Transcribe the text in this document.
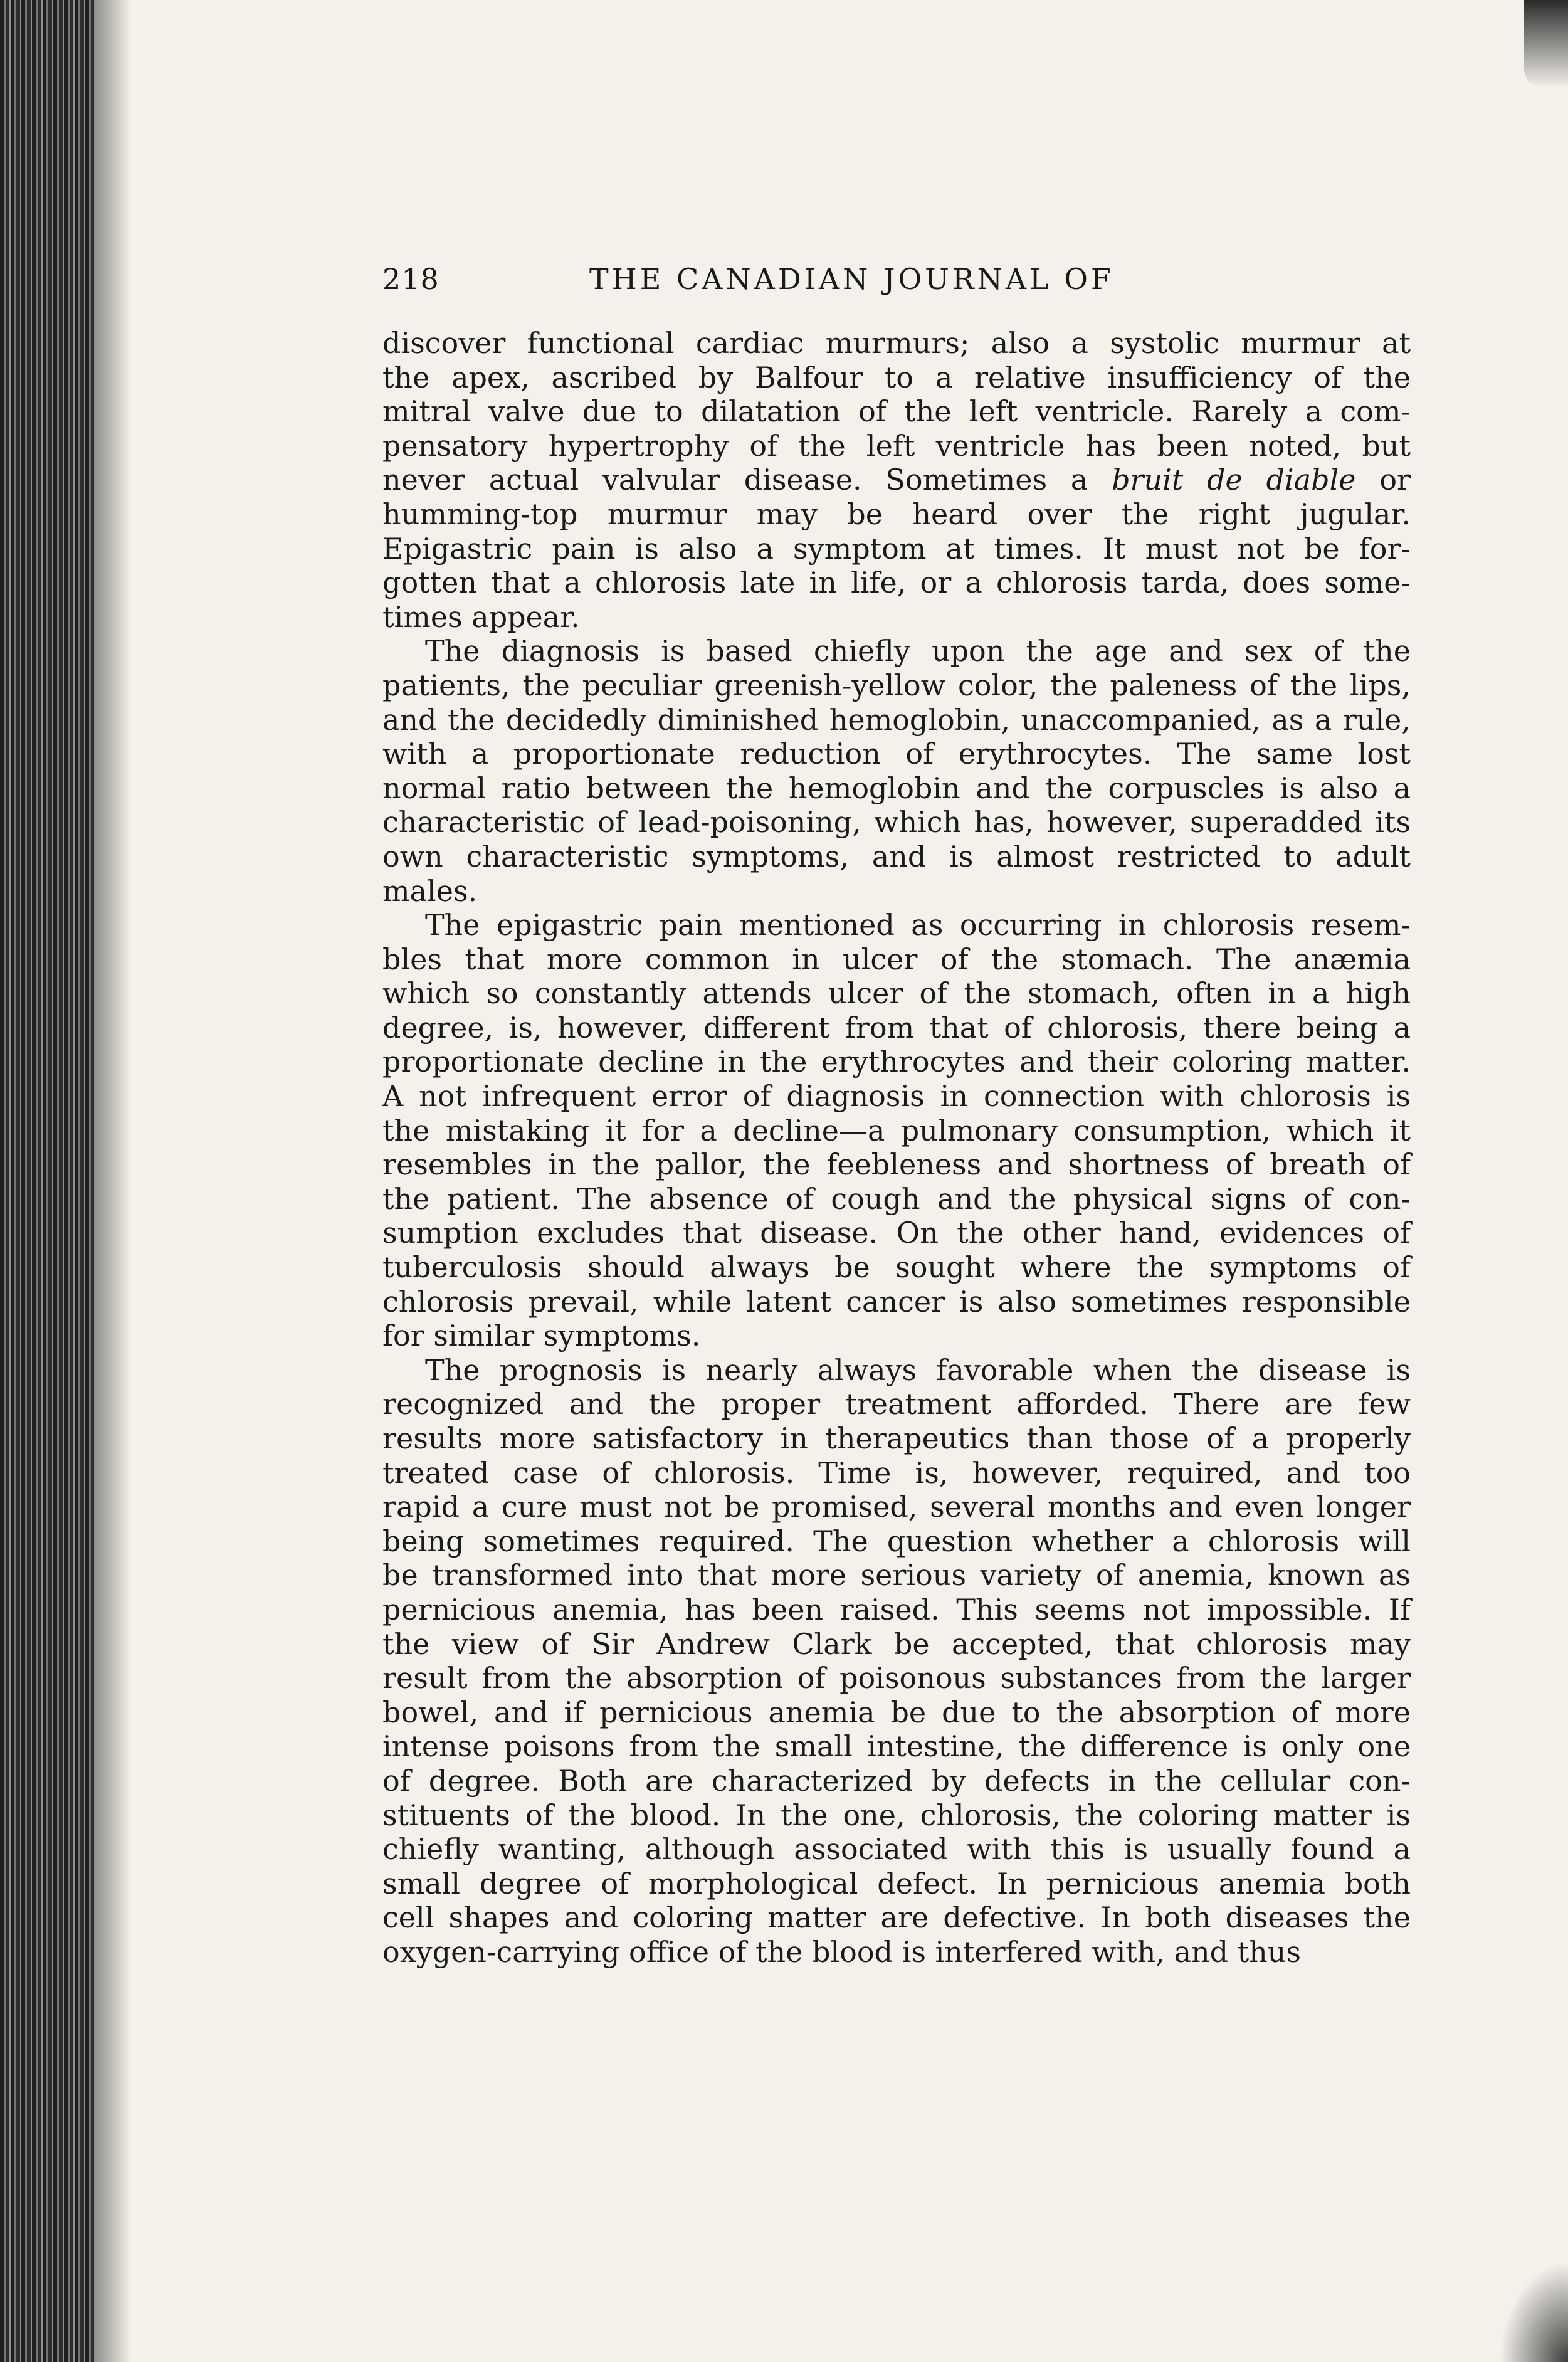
218	THE CANADIAN JOURNAL OF
discover functional cardiac murmurs; also a systolic murmur at
the apex, ascribed by Balfour to a relative insufficiency of the
mitral valve due to dilatation of the left ventricle. Rarely a com-
pensatory hypertrophy of the left ventricle has been noted, but
never actual valvular disease. Sometimes a bruit de diable or
humming-top murmur may be heard over the right jugular.
Epigastric pain is also a symptom at times. It must not be for-
gotten that a chlorosis late in life, or a chlorosis tarda, does some-
times appear.
The diagnosis is based chiefly upon the age and sex of the
patients, the peculiar greenish-yellow color, the paleness of the lips,
and the decidedly diminished hemoglobin, unaccompanied, as a rule,
with a proportionate reduction of erythrocytes. The same lost
normal ratio between the hemoglobin and the corpuscles is also a
characteristic of lead-poisoning, which has, however, superadded its
own characteristic symptoms, and is almost restricted to adult
males.
The epigastric pain mentioned as occurring in chlorosis resem-
bles that more common in ulcer of the stomach. The anæmia
which so constantly attends ulcer of the stomach, often in a high
degree, is, however, different from that of chlorosis, there being a
proportionate decline in the erythrocytes and their coloring matter.
A not infrequent error of diagnosis in connection with chlorosis is
the mistaking it for a decline—a pulmonary consumption, which it
resembles in the pallor, the feebleness and shortness of breath of
the patient. The absence of cough and the physical signs of con-
sumption excludes that disease. On the other hand, evidences of
tuberculosis should always be sought where the symptoms of
chlorosis prevail, while latent cancer is also sometimes responsible
for similar symptoms.
The prognosis is nearly always favorable when the disease is
recognized and the proper treatment afforded. There are few
results more satisfactory in therapeutics than those of a properly
treated case of chlorosis. Time is, however, required, and too
rapid a cure must not be promised, several months and even longer
being sometimes required. The question whether a chlorosis will
be transformed into that more serious variety of anemia, known as
pernicious anemia, has been raised. This seems not impossible. If
the view of Sir Andrew Clark be accepted, that chlorosis may
result from the absorption of poisonous substances from the larger
bowel, and if pernicious anemia be due to the absorption of more
intense poisons from the small intestine, the difference is only one
of degree. Both are characterized by defects in the cellular con-
stituents of the blood. In the one, chlorosis, the coloring matter is
chiefly wanting, although associated with this is usually found a
small degree of morphological defect. In pernicious anemia both
cell shapes and coloring matter are defective. In both diseases the
oxygen-carrying office of the blood is interfered with, and thus
